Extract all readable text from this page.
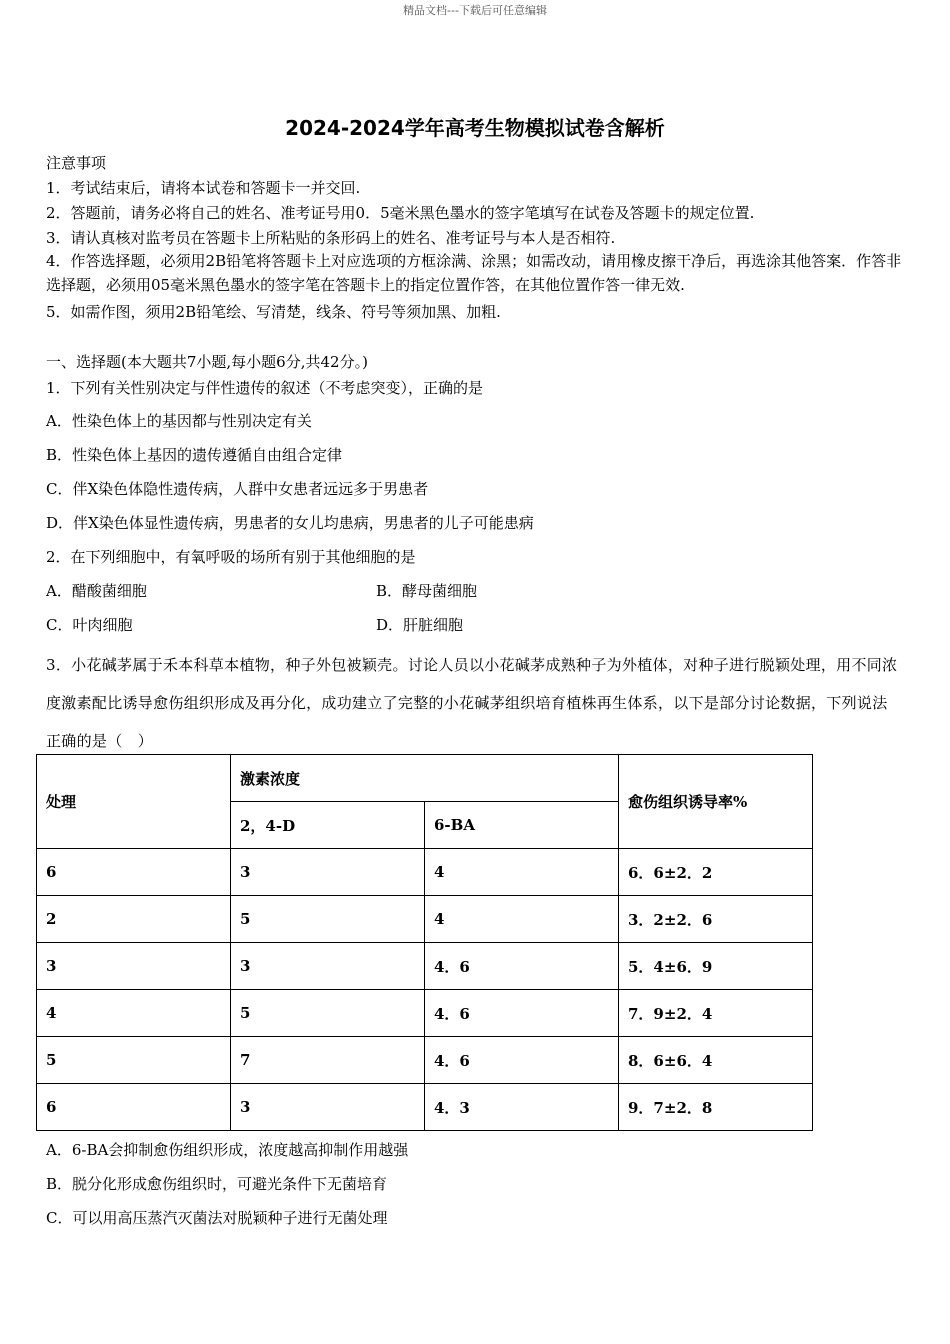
精品文档---下载后可任意编辑
2024-2024学年高考生物模拟试卷含解析
注意事项
1．考试结束后，请将本试卷和答题卡一并交回.
2．答题前，请务必将自己的姓名、准考证号用0．5毫米黑色墨水的签字笔填写在试卷及答题卡的规定位置.
3．请认真核对监考员在答题卡上所粘贴的条形码上的姓名、准考证号与本人是否相符.
4．作答选择题，必须用2B铅笔将答题卡上对应选项的方框涂满、涂黑；如需改动，请用橡皮擦干净后，再选涂其他答案．作答非选择题，必须用05毫米黑色墨水的签字笔在答题卡上的指定位置作答，在其他位置作答一律无效.
5．如需作图，须用2B铅笔绘、写清楚，线条、符号等须加黑、加粗.
一、选择题(本大题共7小题,每小题6分,共42分。)
1．下列有关性别决定与伴性遗传的叙述（不考虑突变），正确的是
A．性染色体上的基因都与性别决定有关
B．性染色体上基因的遗传遵循自由组合定律
C．伴X染色体隐性遗传病，人群中女患者远远多于男患者
D．伴X染色体显性遗传病，男患者的女儿均患病，男患者的儿子可能患病
2．在下列细胞中，有氧呼吸的场所有别于其他细胞的是
A．醋酸菌细胞	B．酵母菌细胞
C．叶肉细胞	D．肝脏细胞
3．小花碱茅属于禾本科草本植物，种子外包被颖壳。讨论人员以小花碱茅成熟种子为外植体，对种子进行脱颖处理，用不同浓度激素配比诱导愈伤组织形成及再分化，成功建立了完整的小花碱茅组织培育植株再生体系，以下是部分讨论数据，下列说法正确的是（　）
处理	激素浓度		愈伤组织诱导率%
	2，4-D	6-BA	
6	3	4	6．6±2．2
2	5	4	3．2±2．6
3	3	4．6	5．4±6．9
4	5	4．6	7．9±2．4
5	7	4．6	8．6±6．4
6	3	4．3	9．7±2．8
A．6-BA会抑制愈伤组织形成，浓度越高抑制作用越强
B．脱分化形成愈伤组织时，可避光条件下无菌培育
C．可以用高压蒸汽灭菌法对脱颖种子进行无菌处理
